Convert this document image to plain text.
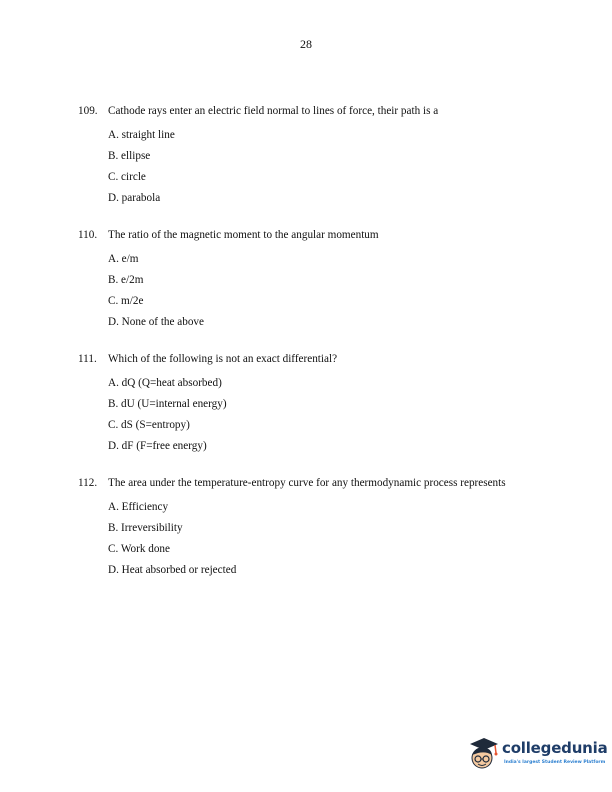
28
109. Cathode rays enter an electric field normal to lines of force, their path is a
A. straight line
B. ellipse
C. circle
D. parabola
110. The ratio of the magnetic moment to the angular momentum
A. e/m
B. e/2m
C. m/2e
D. None of the above
111. Which of the following is not an exact differential?
A. dQ (Q=heat absorbed)
B. dU (U=internal energy)
C. dS (S=entropy)
D. dF (F=free energy)
112. The area under the temperature-entropy curve for any thermodynamic process represents
A. Efficiency
B. Irreversibility
C. Work done
D. Heat absorbed or rejected
collegedunia
India's largest Student Review Platform
